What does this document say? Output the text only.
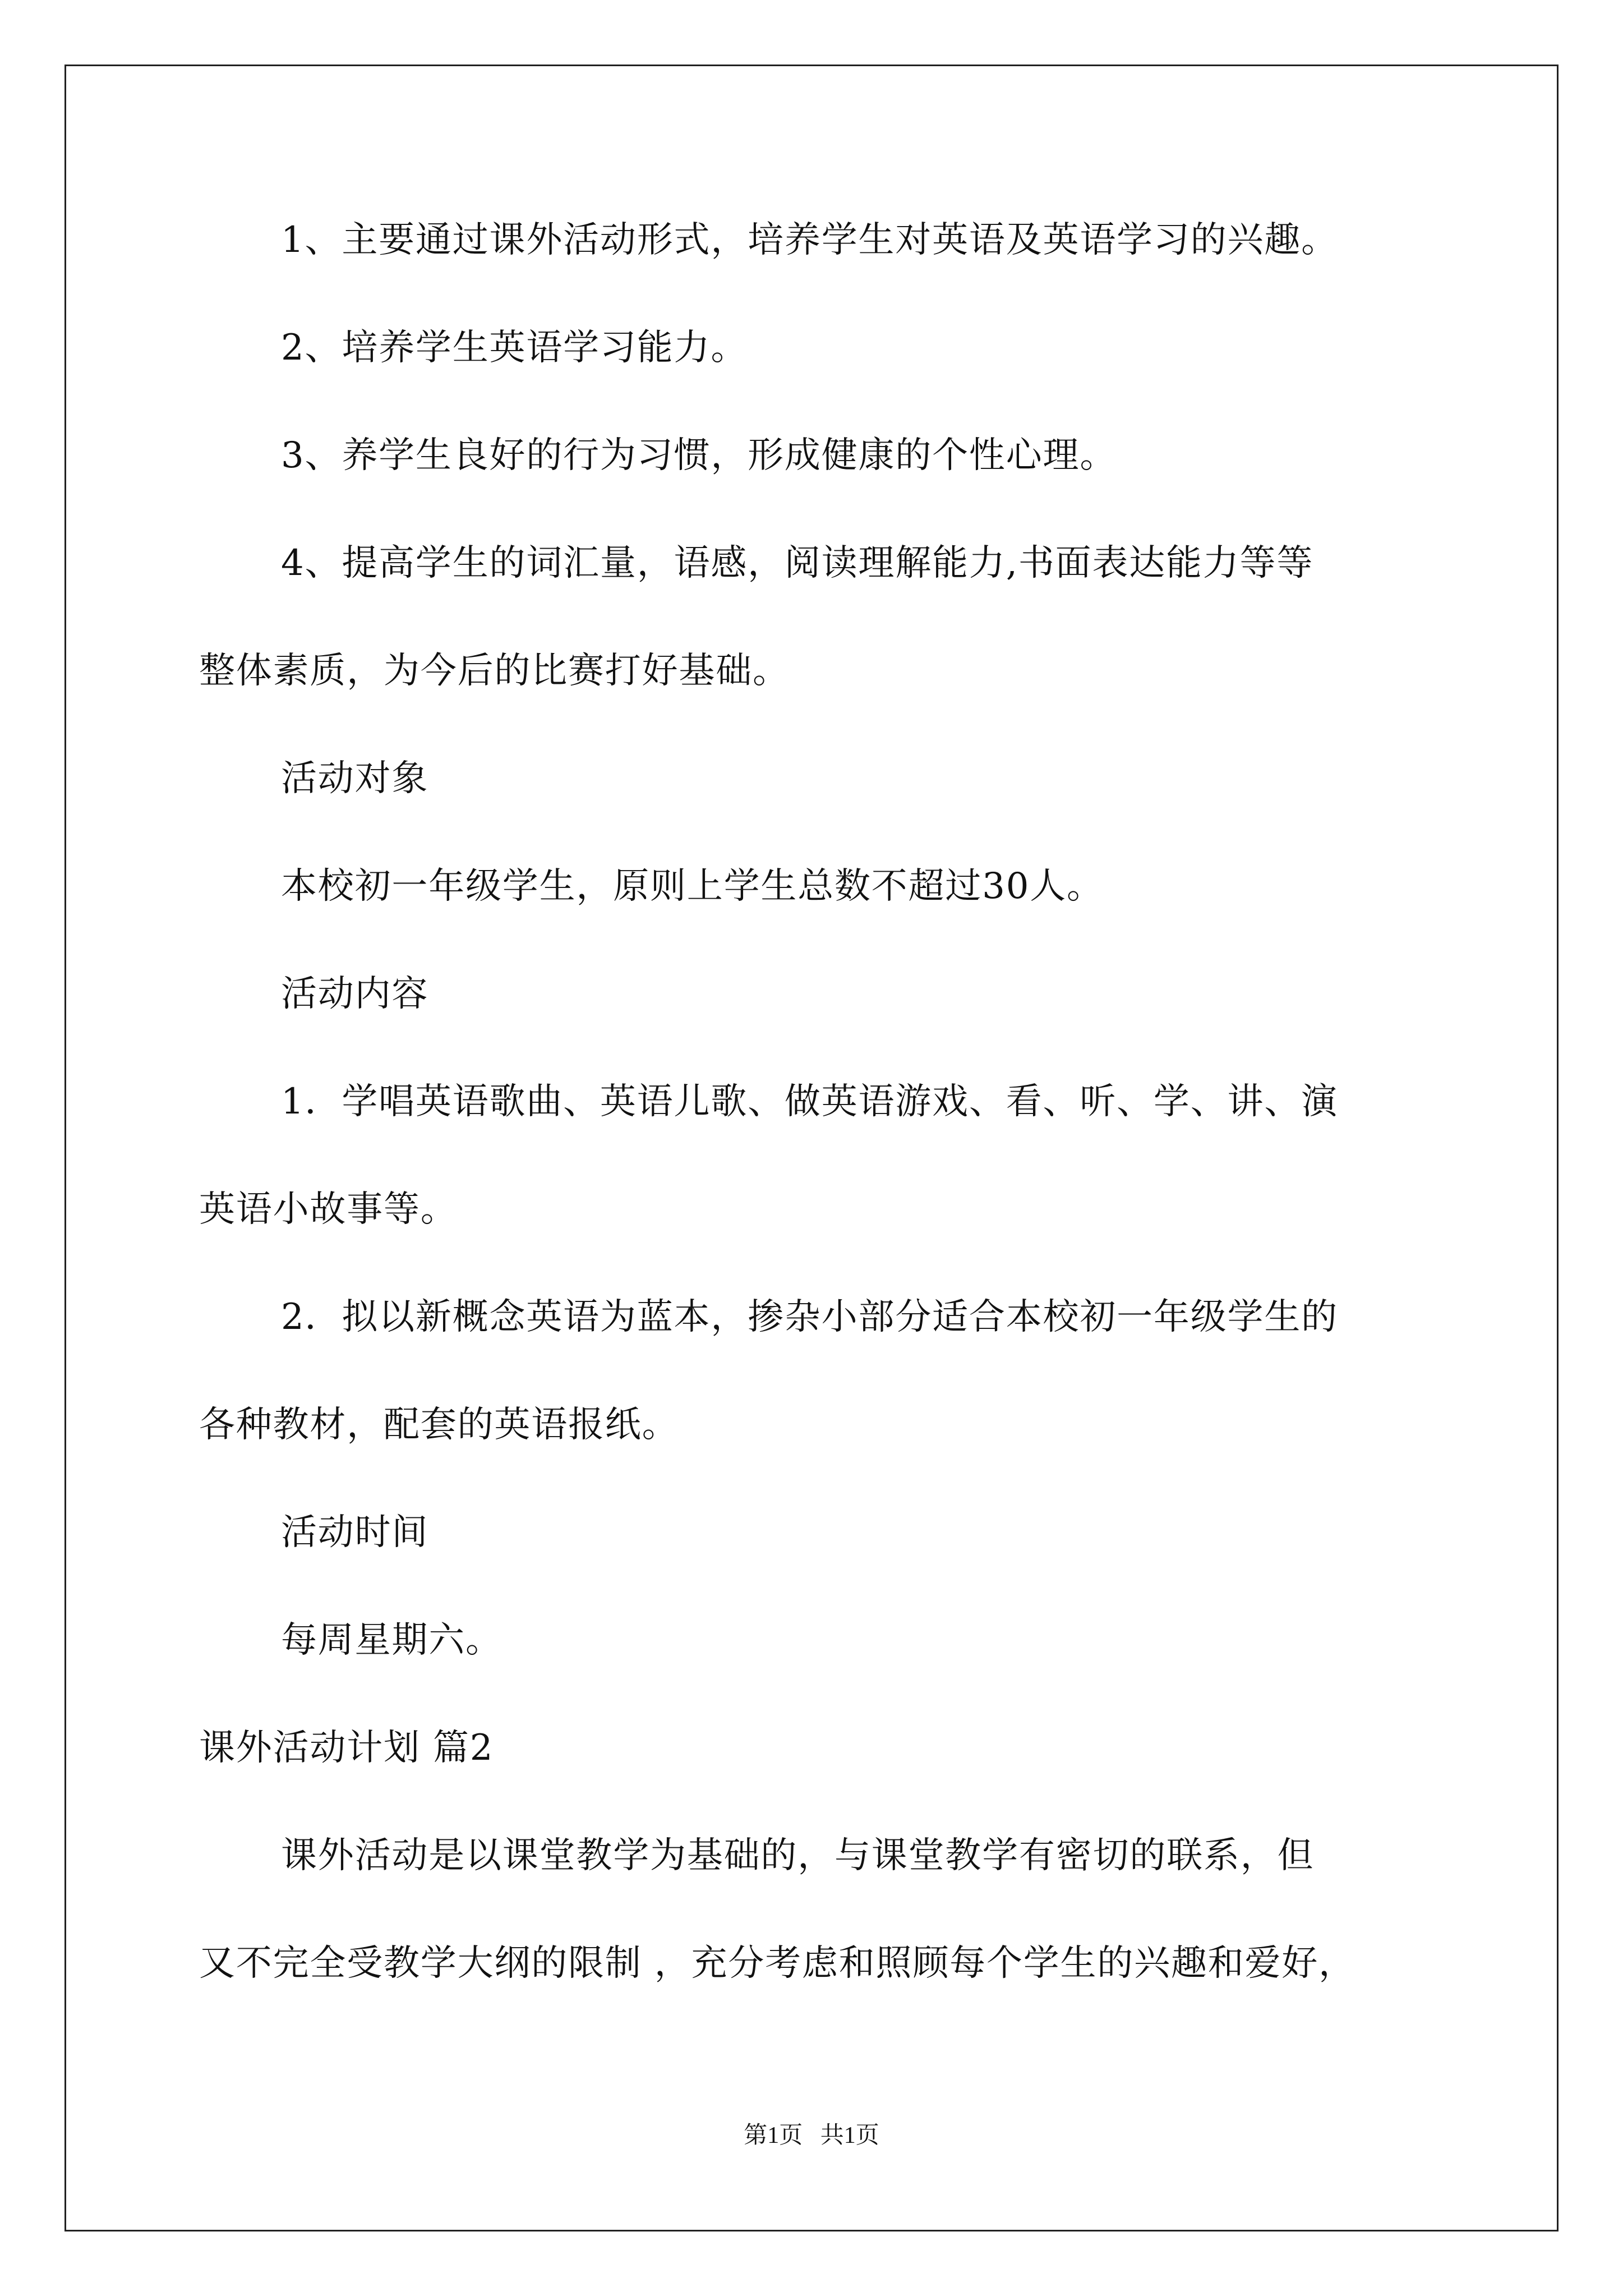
1、主要通过课外活动形式，培养学生对英语及英语学习的兴趣。

2、培养学生英语学习能力。

3、养学生良好的行为习惯，形成健康的个性心理。

4、提高学生的词汇量，语感，阅读理解能力,书面表达能力等等

整体素质，为今后的比赛打好基础。

活动对象

本校初一年级学生，原则上学生总数不超过30人。

活动内容

1．学唱英语歌曲、英语儿歌、做英语游戏、看、听、学、讲、演

英语小故事等。

2．拟以新概念英语为蓝本，掺杂小部分适合本校初一年级学生的

各种教材，配套的英语报纸。

活动时间

每周星期六。

课外活动计划 篇2

课外活动是以课堂教学为基础的，与课堂教学有密切的联系，但

又不完全受教学大纲的限制 ，充分考虑和照顾每个学生的兴趣和爱好，

第1页   共1页
